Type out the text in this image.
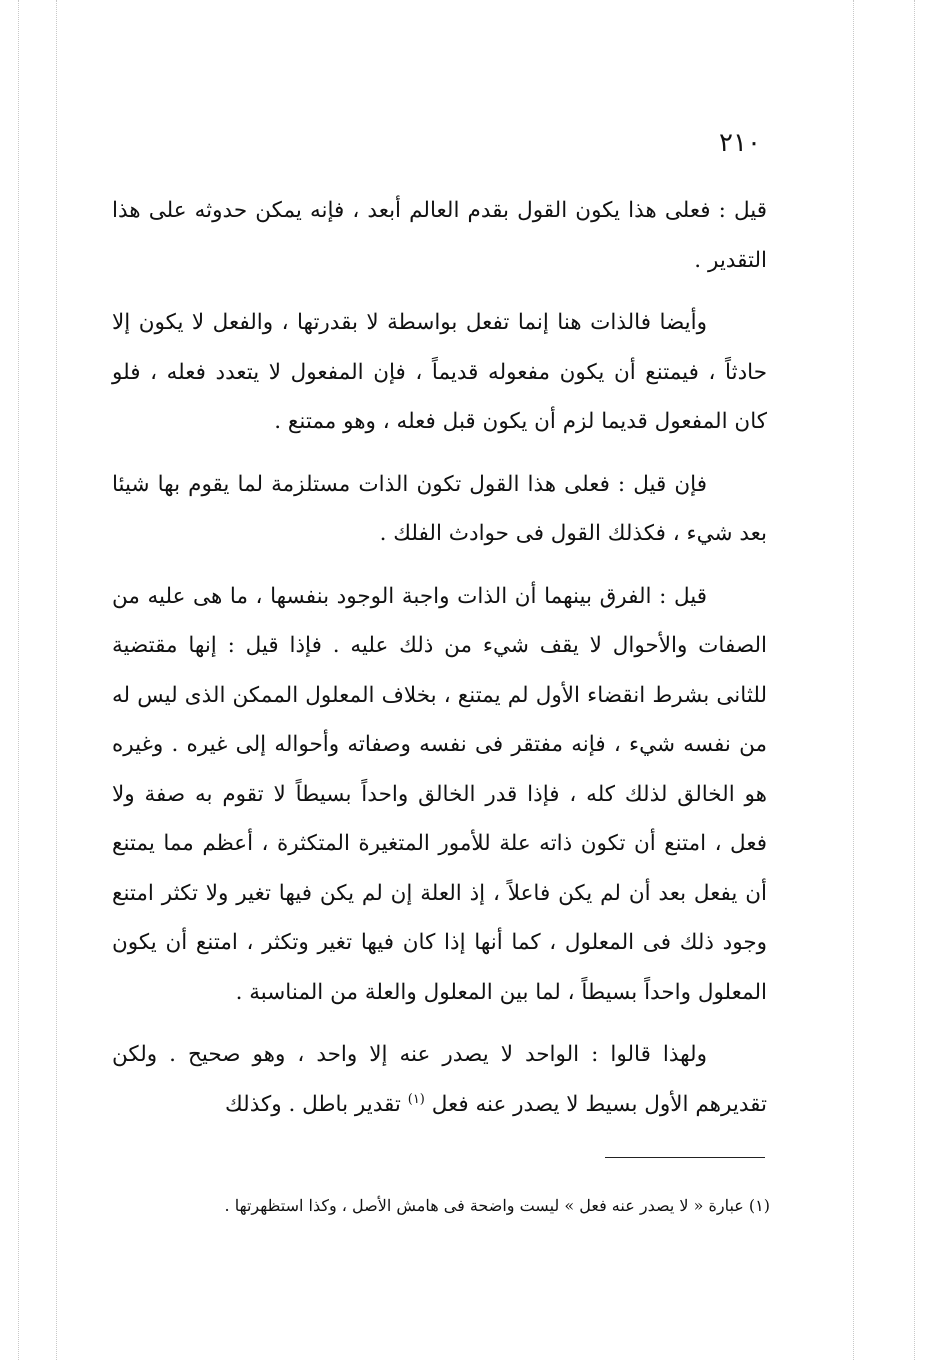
٢١٠

قيل : فعلى هذا يكون القول بقدم العالم أبعد ، فإنه يمكن حدوثه على هذا التقدير .

وأيضا فالذات هنا إنما تفعل بواسطة لا بقدرتها ، والفعل لا يكون إلا حادثاً ، فيمتنع أن يكون مفعوله قديماً ، فإن المفعول لا يتعدد فعله ، فلو كان المفعول قديما لزم أن يكون قبل فعله ، وهو ممتنع .

فإن قيل : فعلى هذا القول تكون الذات مستلزمة لما يقوم بها شيئا بعد شيء ، فكذلك القول فى حوادث الفلك .

قيل : الفرق بينهما أن الذات واجبة الوجود بنفسها ، ما هى عليه من الصفات والأحوال لا يقف شيء من ذلك عليه . فإذا قيل : إنها مقتضية للثانى بشرط انقضاء الأول لم يمتنع ، بخلاف المعلول الممكن الذى ليس له من نفسه شيء ، فإنه مفتقر فى نفسه وصفاته وأحواله إلى غيره . وغيره هو الخالق لذلك كله ، فإذا قدر الخالق واحداً بسيطاً لا تقوم به صفة ولا فعل ، امتنع أن تكون ذاته علة للأمور المتغيرة المتكثرة ، أعظم مما يمتنع أن يفعل بعد أن لم يكن فاعلاً ، إذ العلة إن لم يكن فيها تغير ولا تكثر امتنع وجود ذلك فى المعلول ، كما أنها إذا كان فيها تغير وتكثر ، امتنع أن يكون المعلول واحداً بسيطاً ، لما بين المعلول والعلة من المناسبة .

ولهذا قالوا : الواحد لا يصدر عنه إلا واحد ، وهو صحيح . ولكن تقديرهم الأول بسيط لا يصدر عنه فعل $^{(١)}$ تقدير باطل . وكذلك

(١) عبارة « لا يصدر عنه فعل » ليست واضحة فى هامش الأصل ، وكذا استظهرتها .
